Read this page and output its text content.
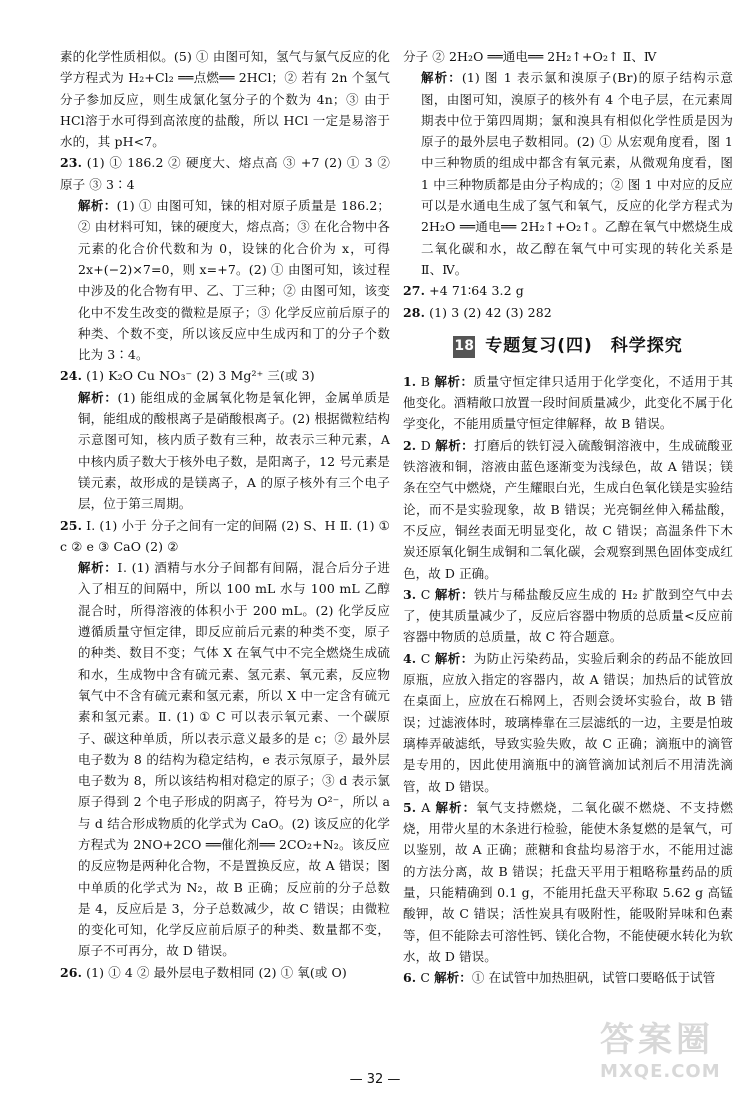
素的化学性质相似。(5) ① 由图可知，氢气与氯气反应的化学方程式为 H₂+Cl₂ ══点燃══ 2HCl；② 若有 2n 个氢气分子参加反应，则生成氯化氢分子的个数为 4n；③ 由于HCl溶于水可得到高浓度的盐酸，所以 HCl 一定是易溶于水的，其 pH<7。

23. (1) ① 186.2 ② 硬度大、熔点高 ③ +7 (2) ① 3 ② 原子 ③ 3∶4

解析：(1) ① 由图可知，铼的相对原子质量是 186.2；② 由材料可知，铼的硬度大，熔点高；③ 在化合物中各元素的化合价代数和为 0，设铼的化合价为 x，可得 2x+(−2)×7=0，则 x=+7。(2) ① 由图可知，该过程中涉及的化合物有甲、乙、丁三种；② 由图可知，该变化中不发生改变的微粒是原子；③ 化学反应前后原子的种类、个数不变，所以该反应中生成丙和丁的分子个数比为 3∶4。

24. (1) K₂O Cu NO₃⁻ (2) 3 Mg²⁺ 三(或 3)

解析：(1) 能组成的金属氧化物是氧化钾，金属单质是铜，能组成的酸根离子是硝酸根离子。(2) 根据微粒结构示意图可知，核内质子数有三种，故表示三种元素，A 中核内质子数大于核外电子数，是阳离子，12 号元素是镁元素，故形成的是镁离子，A 的原子核外有三个电子层，位于第三周期。

25. Ⅰ. (1) 小于 分子之间有一定的间隔 (2) S、H Ⅱ. (1) ① c ② e ③ CaO (2) ②

解析：Ⅰ. (1) 酒精与水分子间都有间隔，混合后分子进入了相互的间隔中，所以 100 mL 水与 100 mL 乙醇混合时，所得溶液的体积小于 200 mL。(2) 化学反应遵循质量守恒定律，即反应前后元素的种类不变，原子的种类、数目不变；气体 X 在氧气中不完全燃烧生成硫和水，生成物中含有硫元素、氢元素、氧元素，反应物氧气中不含有硫元素和氢元素，所以 X 中一定含有硫元素和氢元素。Ⅱ. (1) ① C 可以表示氧元素、一个碳原子、碳这种单质，所以表示意义最多的是 c；② 最外层电子数为 8 的结构为稳定结构，e 表示氖原子，最外层电子数为 8，所以该结构相对稳定的原子；③ d 表示氯原子得到 2 个电子形成的阴离子，符号为 O²⁻，所以 a 与 d 结合形成物质的化学式为 CaO。(2) 该反应的化学方程式为 2NO+2CO ══催化剂══ 2CO₂+N₂。该反应的反应物是两种化合物，不是置换反应，故 A 错误；图中单质的化学式为 N₂，故 B 正确；反应前的分子总数是 4，反应后是 3，分子总数减少，故 C 错误；由微粒的变化可知，化学反应前后原子的种类、数量都不变，原子不可再分，故 D 错误。

26. (1) ① 4 ② 最外层电子数相同 (2) ① 氧(或 O)

分子 ② 2H₂O ══通电══ 2H₂↑+O₂↑ Ⅱ、Ⅳ

解析：(1) 图 1 表示氯和溴原子(Br)的原子结构示意图，由图可知，溴原子的核外有 4 个电子层，在元素周期表中位于第四周期；氯和溴具有相似化学性质是因为原子的最外层电子数相同。(2) ① 从宏观角度看，图 1 中三种物质的组成中都含有氧元素，从微观角度看，图 1 中三种物质都是由分子构成的；② 图 1 中对应的反应可以是水通电生成了氢气和氧气，反应的化学方程式为 2H₂O ══通电══ 2H₂↑+O₂↑。乙醇在氧气中燃烧生成二氧化碳和水，故乙醇在氧气中可实现的转化关系是 Ⅱ、Ⅳ。

27. +4 71∶64 3.2 g

28. (1) 3 (2) 42 (3) 282

18 专题复习(四)　科学探究

1. B 解析：质量守恒定律只适用于化学变化，不适用于其他变化。酒精敞口放置一段时间质量减少，此变化不属于化学变化，不能用质量守恒定律解释，故 B 错误。

2. D 解析：打磨后的铁钉浸入硫酸铜溶液中，生成硫酸亚铁溶液和铜，溶液由蓝色逐渐变为浅绿色，故 A 错误；镁条在空气中燃烧，产生耀眼白光，生成白色氧化镁是实验结论，而不是实验现象，故 B 错误；光亮铜丝伸入稀盐酸，不反应，铜丝表面无明显变化，故 C 错误；高温条件下木炭还原氧化铜生成铜和二氧化碳，会观察到黑色固体变成红色，故 D 正确。

3. C 解析：铁片与稀盐酸反应生成的 H₂ 扩散到空气中去了，使其质量减少了，反应后容器中物质的总质量<反应前容器中物质的总质量，故 C 符合题意。

4. C 解析：为防止污染药品，实验后剩余的药品不能放回原瓶，应放入指定的容器内，故 A 错误；加热后的试管放在桌面上，应放在石棉网上，否则会烫坏实验台，故 B 错误；过滤液体时，玻璃棒靠在三层滤纸的一边，主要是怕玻璃棒弄破滤纸，导致实验失败，故 C 正确；滴瓶中的滴管是专用的，因此使用滴瓶中的滴管滴加试剂后不用清洗滴管，故 D 错误。

5. A 解析：氧气支持燃烧，二氧化碳不燃烧、不支持燃烧，用带火星的木条进行检验，能使木条复燃的是氧气，可以鉴别，故 A 正确；蔗糖和食盐均易溶于水，不能用过滤的方法分离，故 B 错误；托盘天平用于粗略称量药品的质量，只能精确到 0.1 g，不能用托盘天平称取 5.62 g 高锰酸钾，故 C 错误；活性炭具有吸附性，能吸附异味和色素等，但不能除去可溶性钙、镁化合物，不能使硬水转化为软水，故 D 错误。

6. C 解析：① 在试管中加热胆矾，试管口要略低于试管

— 32 —
答案圈
MXQE.COM
